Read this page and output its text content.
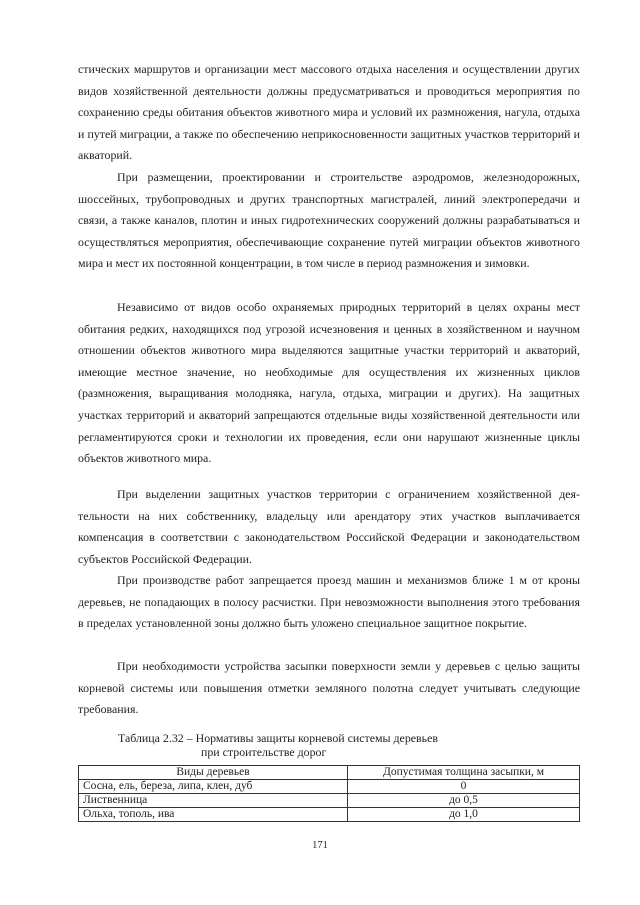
стических маршрутов и организации мест массового отдыха населения и осуществлении других видов хозяйственной деятельности должны предусматриваться и проводиться мероприятия по сохранению среды обитания объектов животного мира и условий их размножения, нагула, отдыха и путей миграции, а также по обеспечению неприкосновенности защитных участков территорий и акваторий.

При размещении, проектировании и строительстве аэродромов, железнодорожных, шоссейных, трубопроводных и других транспортных магистралей, линий электропередачи и связи, а также каналов, плотин и иных гидротехнических сооружений должны разрабатываться и осуществляться мероприятия, обеспечивающие сохранение путей миграции объектов животного мира и мест их постоянной концентрации, в том числе в период размножения и зимовки.

Независимо от видов особо охраняемых природных территорий в целях охраны мест обитания редких, находящихся под угрозой исчезновения и ценных в хозяйственном и научном отношении объектов животного мира выделяются защитные участки территорий и акваторий, имеющие местное значение, но необходимые для осуществления их жизненных циклов (размножения, выращивания молодняка, нагула, отдыха, миграции и других). На защитных участках территорий и акваторий запрещаются отдельные виды хозяйственной деятельности или регламентируются сроки и технологии их проведения, если они нарушают жизненные циклы объектов животного мира.

При выделении защитных участков территории с ограничением хозяйственной деятельности на них собственнику, владельцу или арендатору этих участков выплачивается компенсация в соответствии с законодательством Российской Федерации и законодательством субъектов Российской Федерации.

При производстве работ запрещается проезд машин и механизмов ближе 1 м от кроны деревьев, не попадающих в полосу расчистки. При невозможности выполнения этого требования в пределах установленной зоны должно быть уложено специальное защитное покрытие.

При необходимости устройства засыпки поверхности земли у деревьев с целью защиты корневой системы или повышения отметки земляного полотна следует учитывать следующие требования.

Таблица 2.32 – Нормативы защиты корневой системы деревьев
при строительстве дорог
Виды деревьев	Допустимая толщина засыпки, м
Сосна, ель, береза, липа, клен, дуб	0
Лиственница	до 0,5
Ольха, тополь, ива	до 1,0
171
